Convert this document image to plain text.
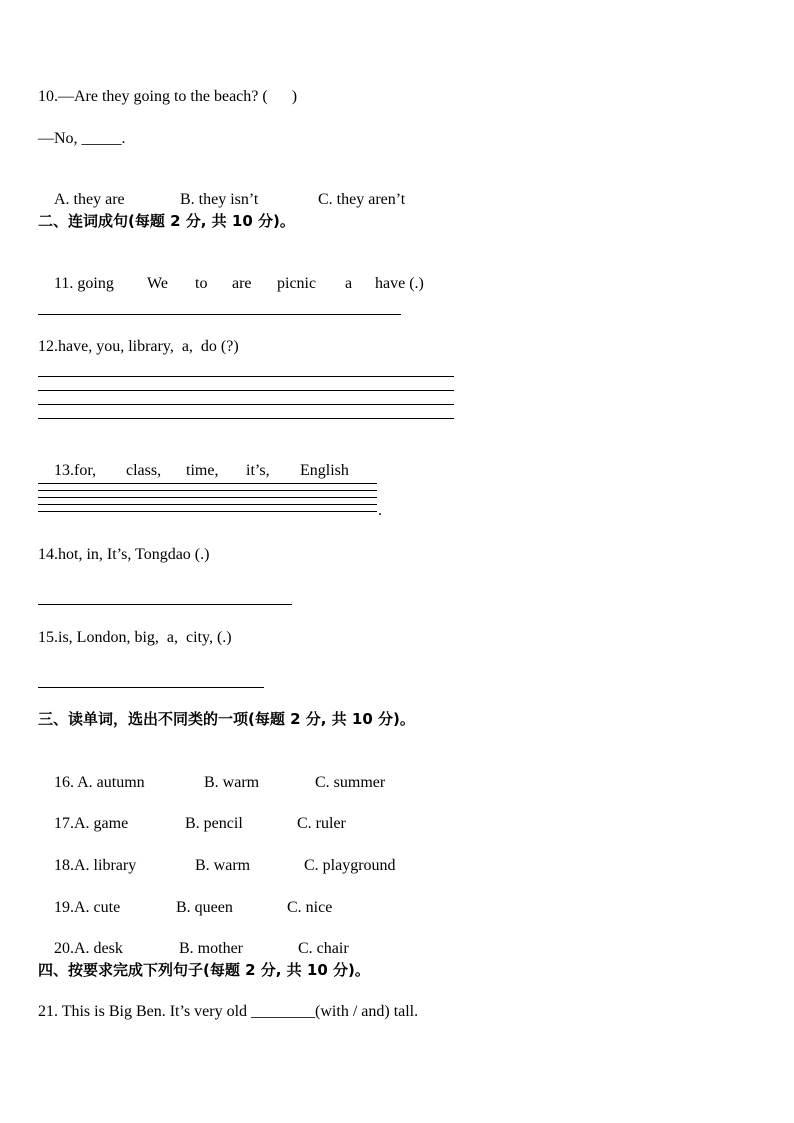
10.—Are they going to the beach? (      )
—No, _____.

A. they are	B. they isn’t	C. they aren’t

二、连词成句(每题 2 分, 共 10 分)。

11. going We to are picnic a have (.)

12.have, you, library,  a,  do (?)

13.for, class, time, it’s, English

.
14.hot, in, It’s, Tongdao (.)
15.is, London, big,  a,  city, (.)
三、读单词，选出不同类的一项(每题 2 分, 共 10 分)。

16. A. autumn	B. warm	C. summer

17.A. game	B. pencil	C. ruler

18.A. library	B. warm	C. playground

19.A. cute	B. queen	C. nice

20.A. desk	B. mother	C. chair

四、按要求完成下列句子(每题 2 分, 共 10 分)。
21. This is Big Ben. It’s very old ________(with / and) tall.
